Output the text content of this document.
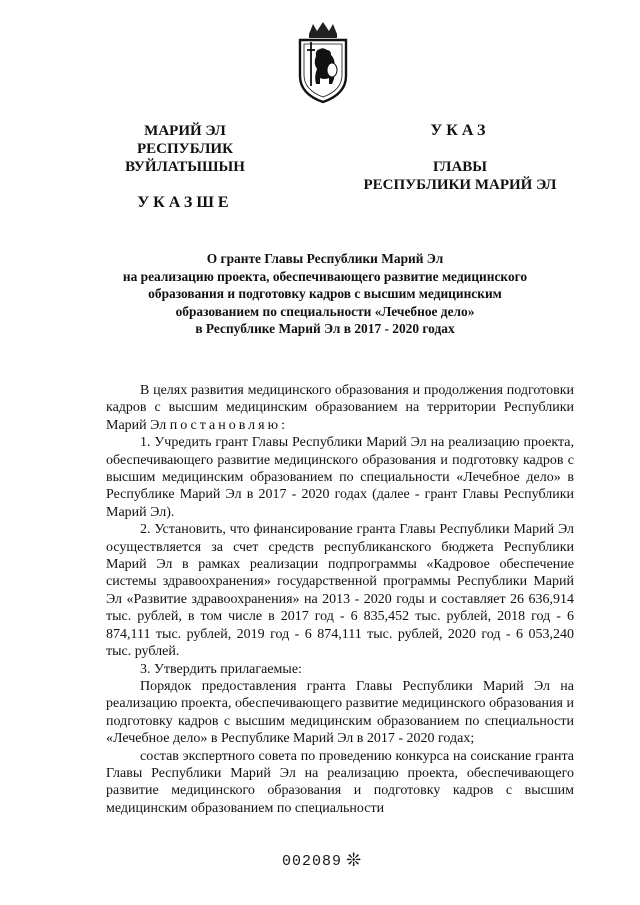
МАРИЙ ЭЛ РЕСПУБЛИК
ВУЙЛАТЫШЫН
УКАЗШЕ
УКАЗ
ГЛАВЫ
РЕСПУБЛИКИ МАРИЙ ЭЛ
О гранте Главы Республики Марий Эл
на реализацию проекта, обеспечивающего развитие медицинского
образования и подготовку кадров с высшим медицинским
образованием по специальности «Лечебное дело»
в Республике Марий Эл в 2017 - 2020 годах

В целях развития медицинского образования и продолжения подготовки кадров с высшим медицинским образованием на территории Республики Марий Эл постановляю:

1. Учредить грант Главы Республики Марий Эл на реализацию проекта, обеспечивающего развитие медицинского образования и подготовку кадров с высшим медицинским образованием по специальности «Лечебное дело» в Республике Марий Эл в 2017 - 2020 годах (далее - грант Главы Республики Марий Эл).

2. Установить, что финансирование гранта Главы Республики Марий Эл осуществляется за счет средств республиканского бюджета Республики Марий Эл в рамках реализации подпрограммы «Кадровое обеспечение системы здравоохранения» государственной программы Республики Марий Эл «Развитие здравоохранения» на 2013 - 2020 годы и составляет 26 636,914 тыс. рублей, в том числе в 2017 год - 6 835,452 тыс. рублей, 2018 год - 6 874,111 тыс. рублей, 2019 год - 6 874,111 тыс. рублей, 2020 год - 6 053,240 тыс. рублей.

3. Утвердить прилагаемые:

Порядок предоставления гранта Главы Республики Марий Эл на реализацию проекта, обеспечивающего развитие медицинского образования и подготовку кадров с высшим медицинским образованием по специальности «Лечебное дело» в Республике Марий Эл в 2017 - 2020 годах;

состав экспертного совета по проведению конкурса на соискание гранта Главы Республики Марий Эл на реализацию проекта, обеспечивающего развитие медицинского образования и подготовку кадров с высшим медицинским образованием по специальности

002089 ❊
